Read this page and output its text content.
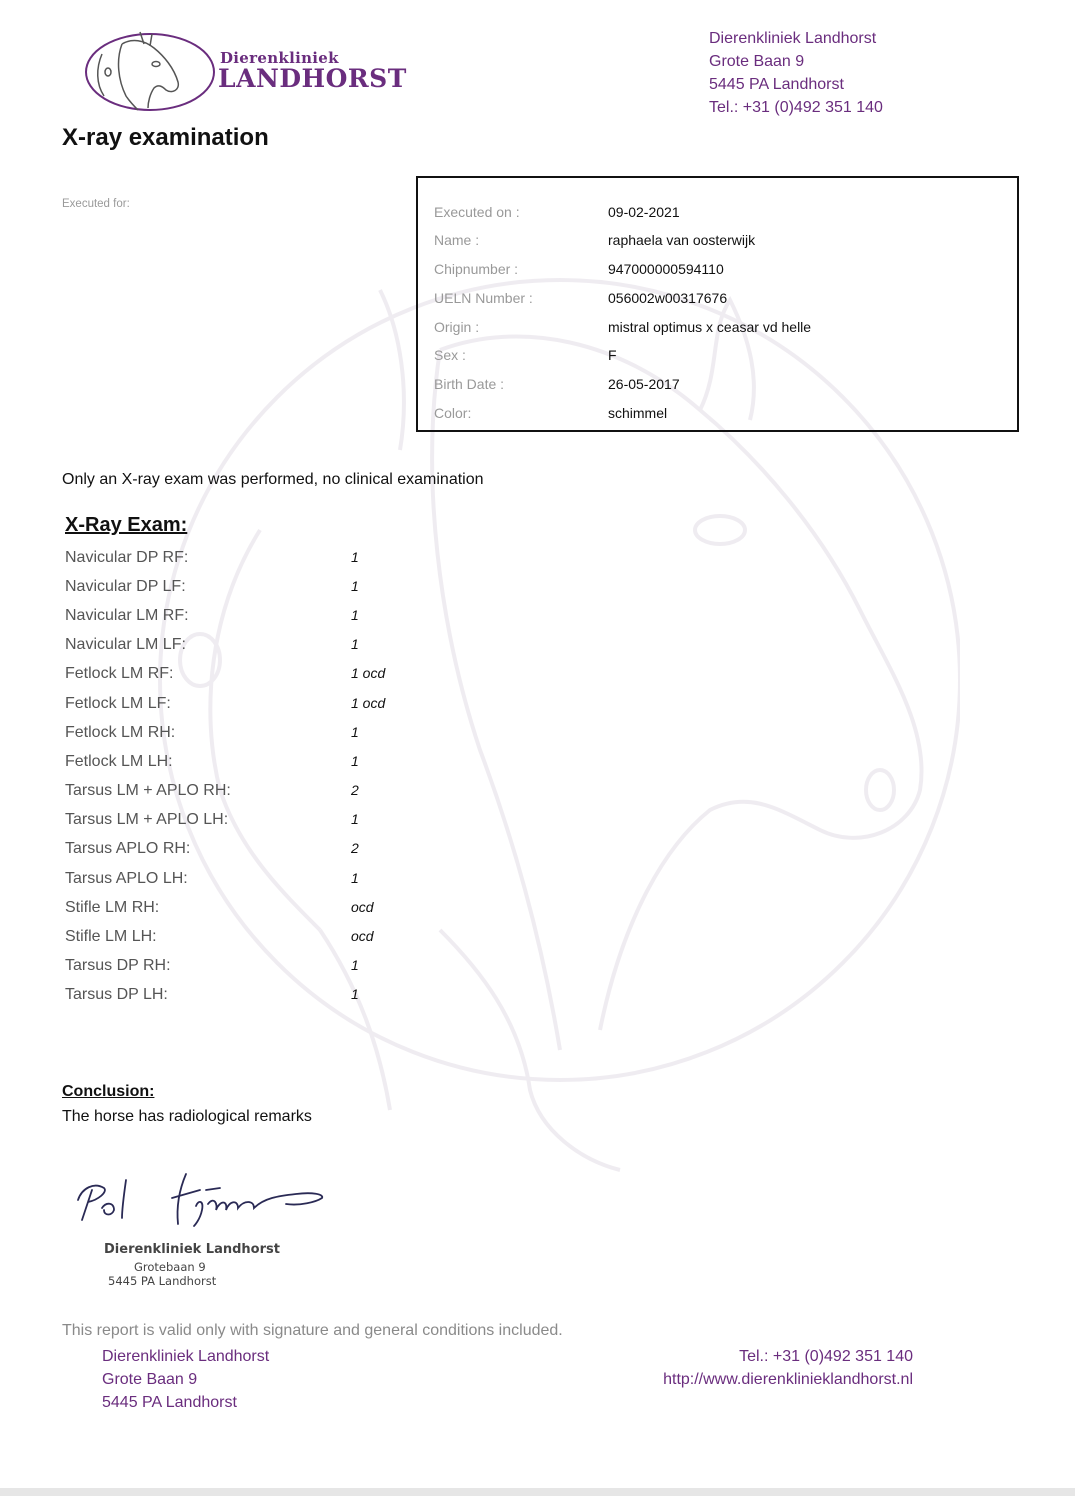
Dierenkliniek
LANDHORST
Dierenkliniek Landhorst
Grote Baan 9
5445 PA Landhorst
Tel.: +31 (0)492 351 140
X-ray examination
Executed for:	Executed on :	09-02-2021
Name :	raphaela van oosterwijk
Chipnumber :	947000000594110
UELN Number :	056002w00317676
Origin :	mistral optimus x ceasar vd helle
Sex :	F
Birth Date :	26-05-2017
Color:	schimmel
Only an X-ray exam was performed, no clinical examination
X-Ray Exam:
Navicular DP RF:	1
Navicular DP LF:	1
Navicular LM RF:	1
Navicular LM LF:	1
Fetlock LM RF:	1 ocd
Fetlock LM LF:	1 ocd
Fetlock LM RH:	1
Fetlock LM LH:	1
Tarsus LM + APLO RH:	2
Tarsus LM + APLO LH:	1
Tarsus APLO RH:	2
Tarsus APLO LH:	1
Stifle LM RH:	ocd
Stifle LM LH:	ocd
Tarsus DP RH:	1
Tarsus DP LH:	1
Conclusion:
The horse has radiological remarks
Dierenkliniek Landhorst
Grotebaan 9
5445 PA Landhorst
This report is valid only with signature and general conditions included.
Dierenkliniek Landhorst
Grote Baan 9
5445 PA Landhorst
Tel.: +31 (0)492 351 140
http://www.dierenklinieklandhorst.nl
